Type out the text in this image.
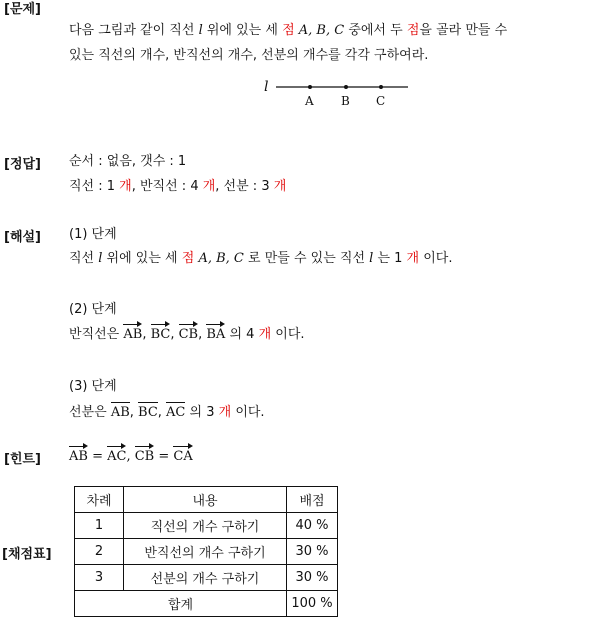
[문제]
다음 그림과 같이 직선 l 위에 있는 세 점 A, B, C 중에서 두 점을 골라 만들 수
있는 직선의 개수, 반직선의 개수, 선분의 개수를 각각 구하여라.
l
A B C
[정답] 순서 : 없음, 갯수 : 1
직선 : 1 개, 반직선 : 4 개, 선분 : 3 개
[해설] (1) 단계
직선 l 위에 있는 세 점 A, B, C 로 만들 수 있는 직선 l 는 1 개 이다.
(2) 단계
반직선은 AB, BC, CB, BA 의 4 개 이다.
(3) 단계
선분은 AB, BC, AC 의 3 개 이다.
[힌트] AB = AC, CB = CA
[채점표]
차례	내용	배점
1	직선의 개수 구하기	40 %
2	반직선의 개수 구하기	30 %
3	선분의 개수 구하기	30 %
합계		100 %
